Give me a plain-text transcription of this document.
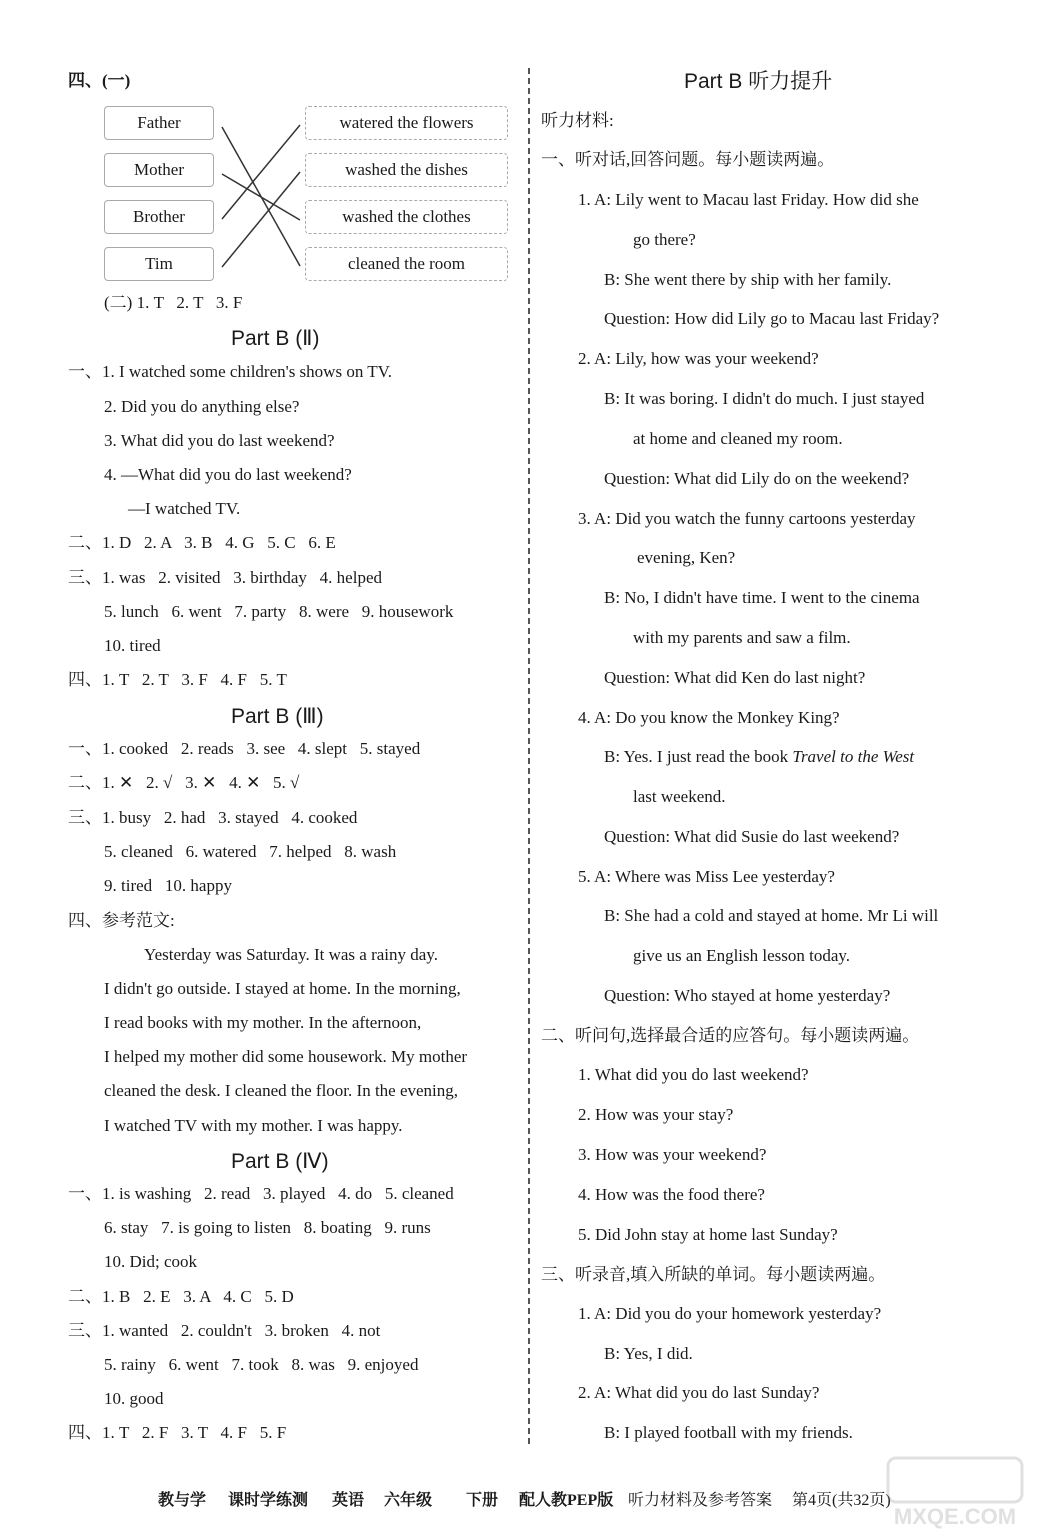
四、(一)
Father
Mother
Brother
Tim
watered the flowers
washed the dishes
washed the clothes
cleaned the room
(二) 1. T   2. T   3. F
Part B (Ⅱ)
一、1. I watched some children's shows on TV.
2. Did you do anything else?
3. What did you do last weekend?
4. —What did you do last weekend?
—I watched TV.
二、1. D   2. A   3. B   4. G   5. C   6. E
三、1. was   2. visited   3. birthday   4. helped
5. lunch   6. went   7. party   8. were   9. housework
10. tired
四、1. T   2. T   3. F   4. F   5. T
Part B (Ⅲ)
一、1. cooked   2. reads   3. see   4. slept   5. stayed
二、1. ✕   2. √   3. ✕   4. ✕   5. √
三、1. busy   2. had   3. stayed   4. cooked
5. cleaned   6. watered   7. helped   8. wash
9. tired   10. happy
四、参考范文:
Yesterday was Saturday. It was a rainy day.
I didn't go outside. I stayed at home. In the morning,
I read books with my mother. In the afternoon,
I helped my mother did some housework. My mother
cleaned the desk. I cleaned the floor. In the evening,
I watched TV with my mother. I was happy.
Part B (Ⅳ)
一、1. is washing   2. read   3. played   4. do   5. cleaned
6. stay   7. is going to listen   8. boating   9. runs
10. Did; cook
二、1. B   2. E   3. A   4. C   5. D
三、1. wanted   2. couldn't   3. broken   4. not
5. rainy   6. went   7. took   8. was   9. enjoyed
10. good
四、1. T   2. F   3. T   4. F   5. F
Part B 听力提升
听力材料:
一、听对话,回答问题。每小题读两遍。
1. A: Lily went to Macau last Friday. How did she
go there?
B: She went there by ship with her family.
Question: How did Lily go to Macau last Friday?
2. A: Lily, how was your weekend?
B: It was boring. I didn't do much. I just stayed
at home and cleaned my room.
Question: What did Lily do on the weekend?
3. A: Did you watch the funny cartoons yesterday
evening, Ken?
B: No, I didn't have time. I went to the cinema
with my parents and saw a film.
Question: What did Ken do last night?
4. A: Do you know the Monkey King?
B: Yes. I just read the book Travel to the West
last weekend.
Question: What did Susie do last weekend?
5. A: Where was Miss Lee yesterday?
B: She had a cold and stayed at home. Mr Li will
give us an English lesson today.
Question: Who stayed at home yesterday?
二、听问句,选择最合适的应答句。每小题读两遍。
1. What did you do last weekend?
2. How was your stay?
3. How was your weekend?
4. How was the food there?
5. Did John stay at home last Sunday?
三、听录音,填入所缺的单词。每小题读两遍。
1. A: Did you do your homework yesterday?
B: Yes, I did.
2. A: What did you do last Sunday?
B: I played football with my friends.
教与学 课时学练测 英语 六年级 下册 配人教PEP版 听力材料及参考答案 第4页(共32页)
MXQE.COM
